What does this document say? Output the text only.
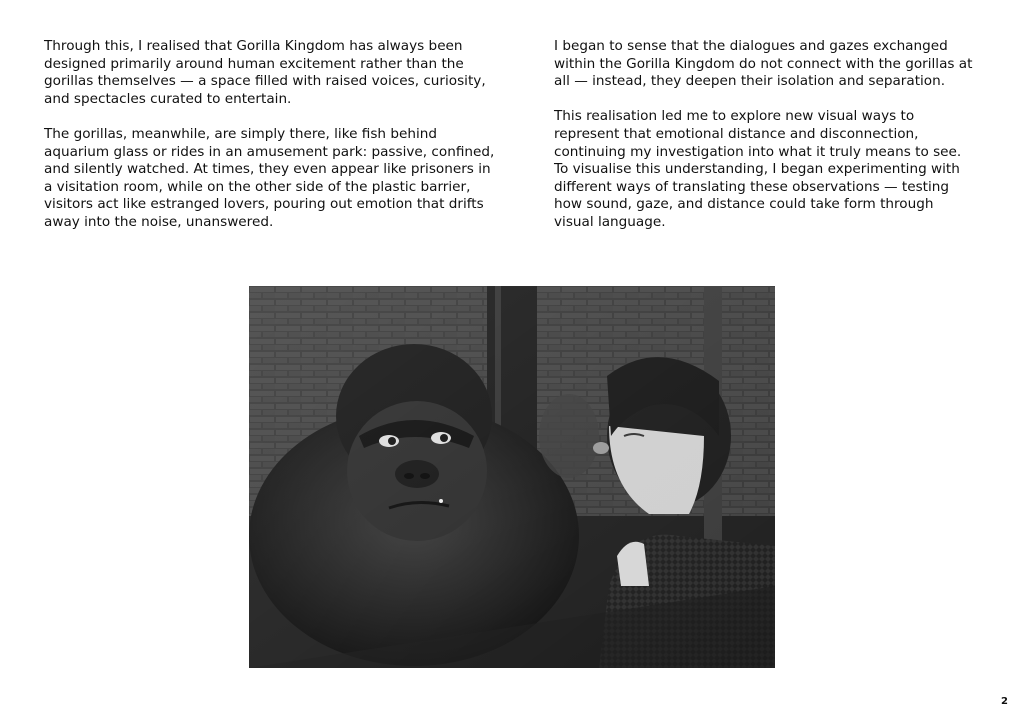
Through this, I realised that Gorilla Kingdom has always been designed primarily around human excitement rather than the gorillas themselves — a space filled with raised voices, curiosity, and spectacles curated to entertain.

The gorillas, meanwhile, are simply there, like fish behind aquarium glass or rides in an amusement park: passive, confined, and silently watched. At times, they even appear like prisoners in a visitation room, while on the other side of the plastic barrier, visitors act like estranged lovers, pouring out emotion that drifts away into the noise, unanswered.

I began to sense that the dialogues and gazes exchanged within the Gorilla Kingdom do not connect with the gorillas at all — instead, they deepen their isolation and separation.

This realisation led me to explore new visual ways to represent that emotional distance and disconnection, continuing my investigation into what it truly means to see. To visualise this understanding, I began experimenting with different ways of translating these observations — testing how sound, gaze, and distance could take form through visual language.

2
